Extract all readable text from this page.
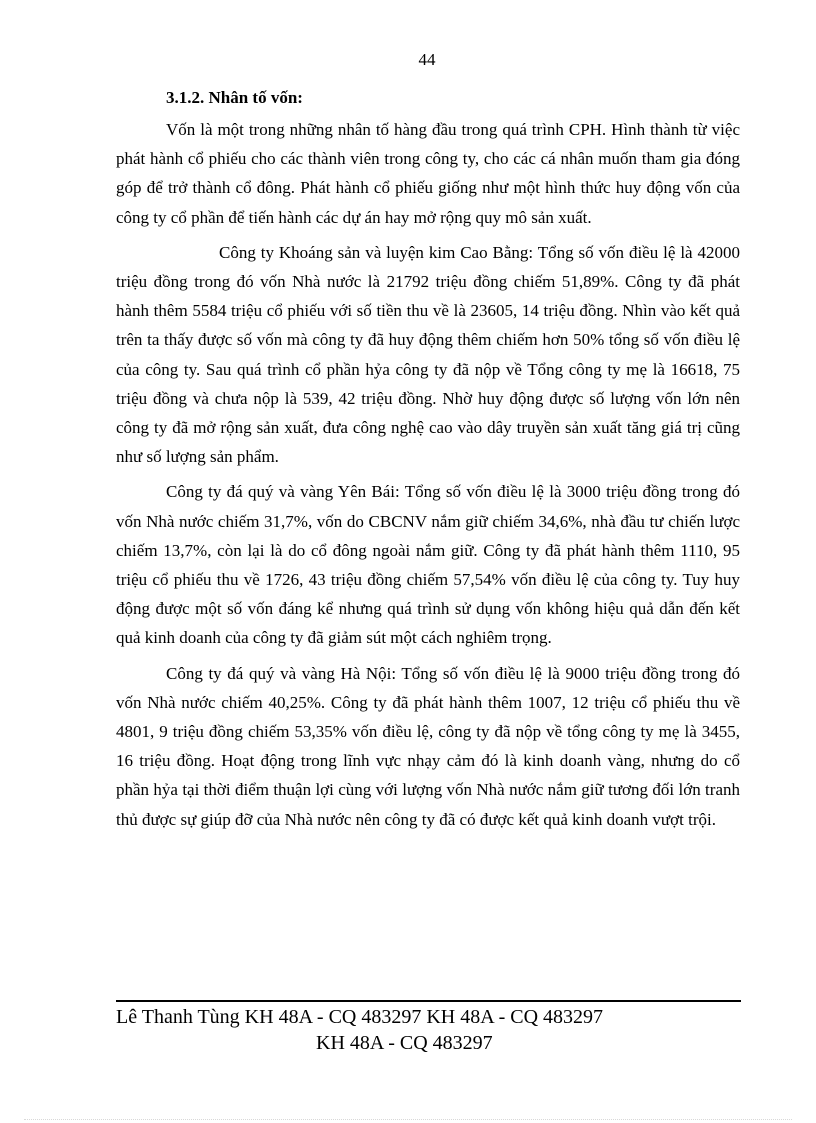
44
3.1.2. Nhân tố vốn:

Vốn là một trong những nhân tố hàng đầu trong quá trình CPH. Hình thành từ việc phát hành cổ phiếu cho các thành viên trong công ty, cho các cá nhân muốn tham gia đóng góp để trở thành cổ đông. Phát hành cổ phiếu giống như một hình thức huy động vốn của công ty cổ phần để tiến hành các dự án hay mở rộng quy mô sản xuất.

Công ty Khoáng sản và luyện kim Cao Bằng: Tổng số vốn điều lệ là 42000 triệu đồng trong đó vốn Nhà nước là 21792 triệu đồng chiếm 51,89%. Công ty đã phát hành thêm 5584 triệu cổ phiếu với số tiền thu về là 23605, 14 triệu đồng. Nhìn vào kết quả trên ta thấy được số vốn mà công ty đã huy động thêm chiếm hơn 50% tổng số vốn điều lệ của công ty. Sau quá trình cổ phần hỷa công ty đã nộp về Tổng công ty mẹ là 16618, 75 triệu đồng và chưa nộp là 539, 42 triệu đồng. Nhờ huy động được số lượng vốn lớn nên công ty đã mở rộng sản xuất, đưa công nghệ cao vào dây truyền sản xuất tăng giá trị cũng như số lượng sản phẩm.

Công ty đá quý và vàng Yên Bái: Tổng số vốn điều lệ là 3000 triệu đồng trong đó vốn Nhà nước chiếm 31,7%, vốn do CBCNV nắm giữ chiếm 34,6%, nhà đầu tư chiến lược chiếm 13,7%, còn lại là do cổ đông ngoài nắm giữ. Công ty đã phát hành thêm 1110, 95 triệu cổ phiếu thu về 1726, 43 triệu đồng chiếm 57,54% vốn điều lệ của công ty. Tuy huy động được một số vốn đáng kể nhưng quá trình sử dụng vốn không hiệu quả dẫn đến kết quả kinh doanh của công ty đã giảm sút một cách nghiêm trọng.

Công ty đá quý và vàng Hà Nội: Tổng số vốn điều lệ là 9000 triệu đồng trong đó vốn Nhà nước chiếm 40,25%. Công ty đã phát hành thêm 1007, 12 triệu cổ phiếu thu về 4801, 9 triệu đồng chiếm 53,35% vốn điều lệ, công ty đã nộp về tổng công ty mẹ là 3455, 16 triệu đồng. Hoạt động trong lĩnh vực nhạy cảm đó là kinh doanh vàng, nhưng do cổ phần hỷa tại thời điểm thuận lợi cùng với lượng vốn Nhà nước nắm giữ tương đối lớn tranh thủ được sự giúp đỡ của Nhà nước nên công ty đã có được kết quả kinh doanh vượt trội.

Lê Thanh Tùng KH 48A - CQ 483297 KH 48A - CQ 483297
KH 48A - CQ 483297
